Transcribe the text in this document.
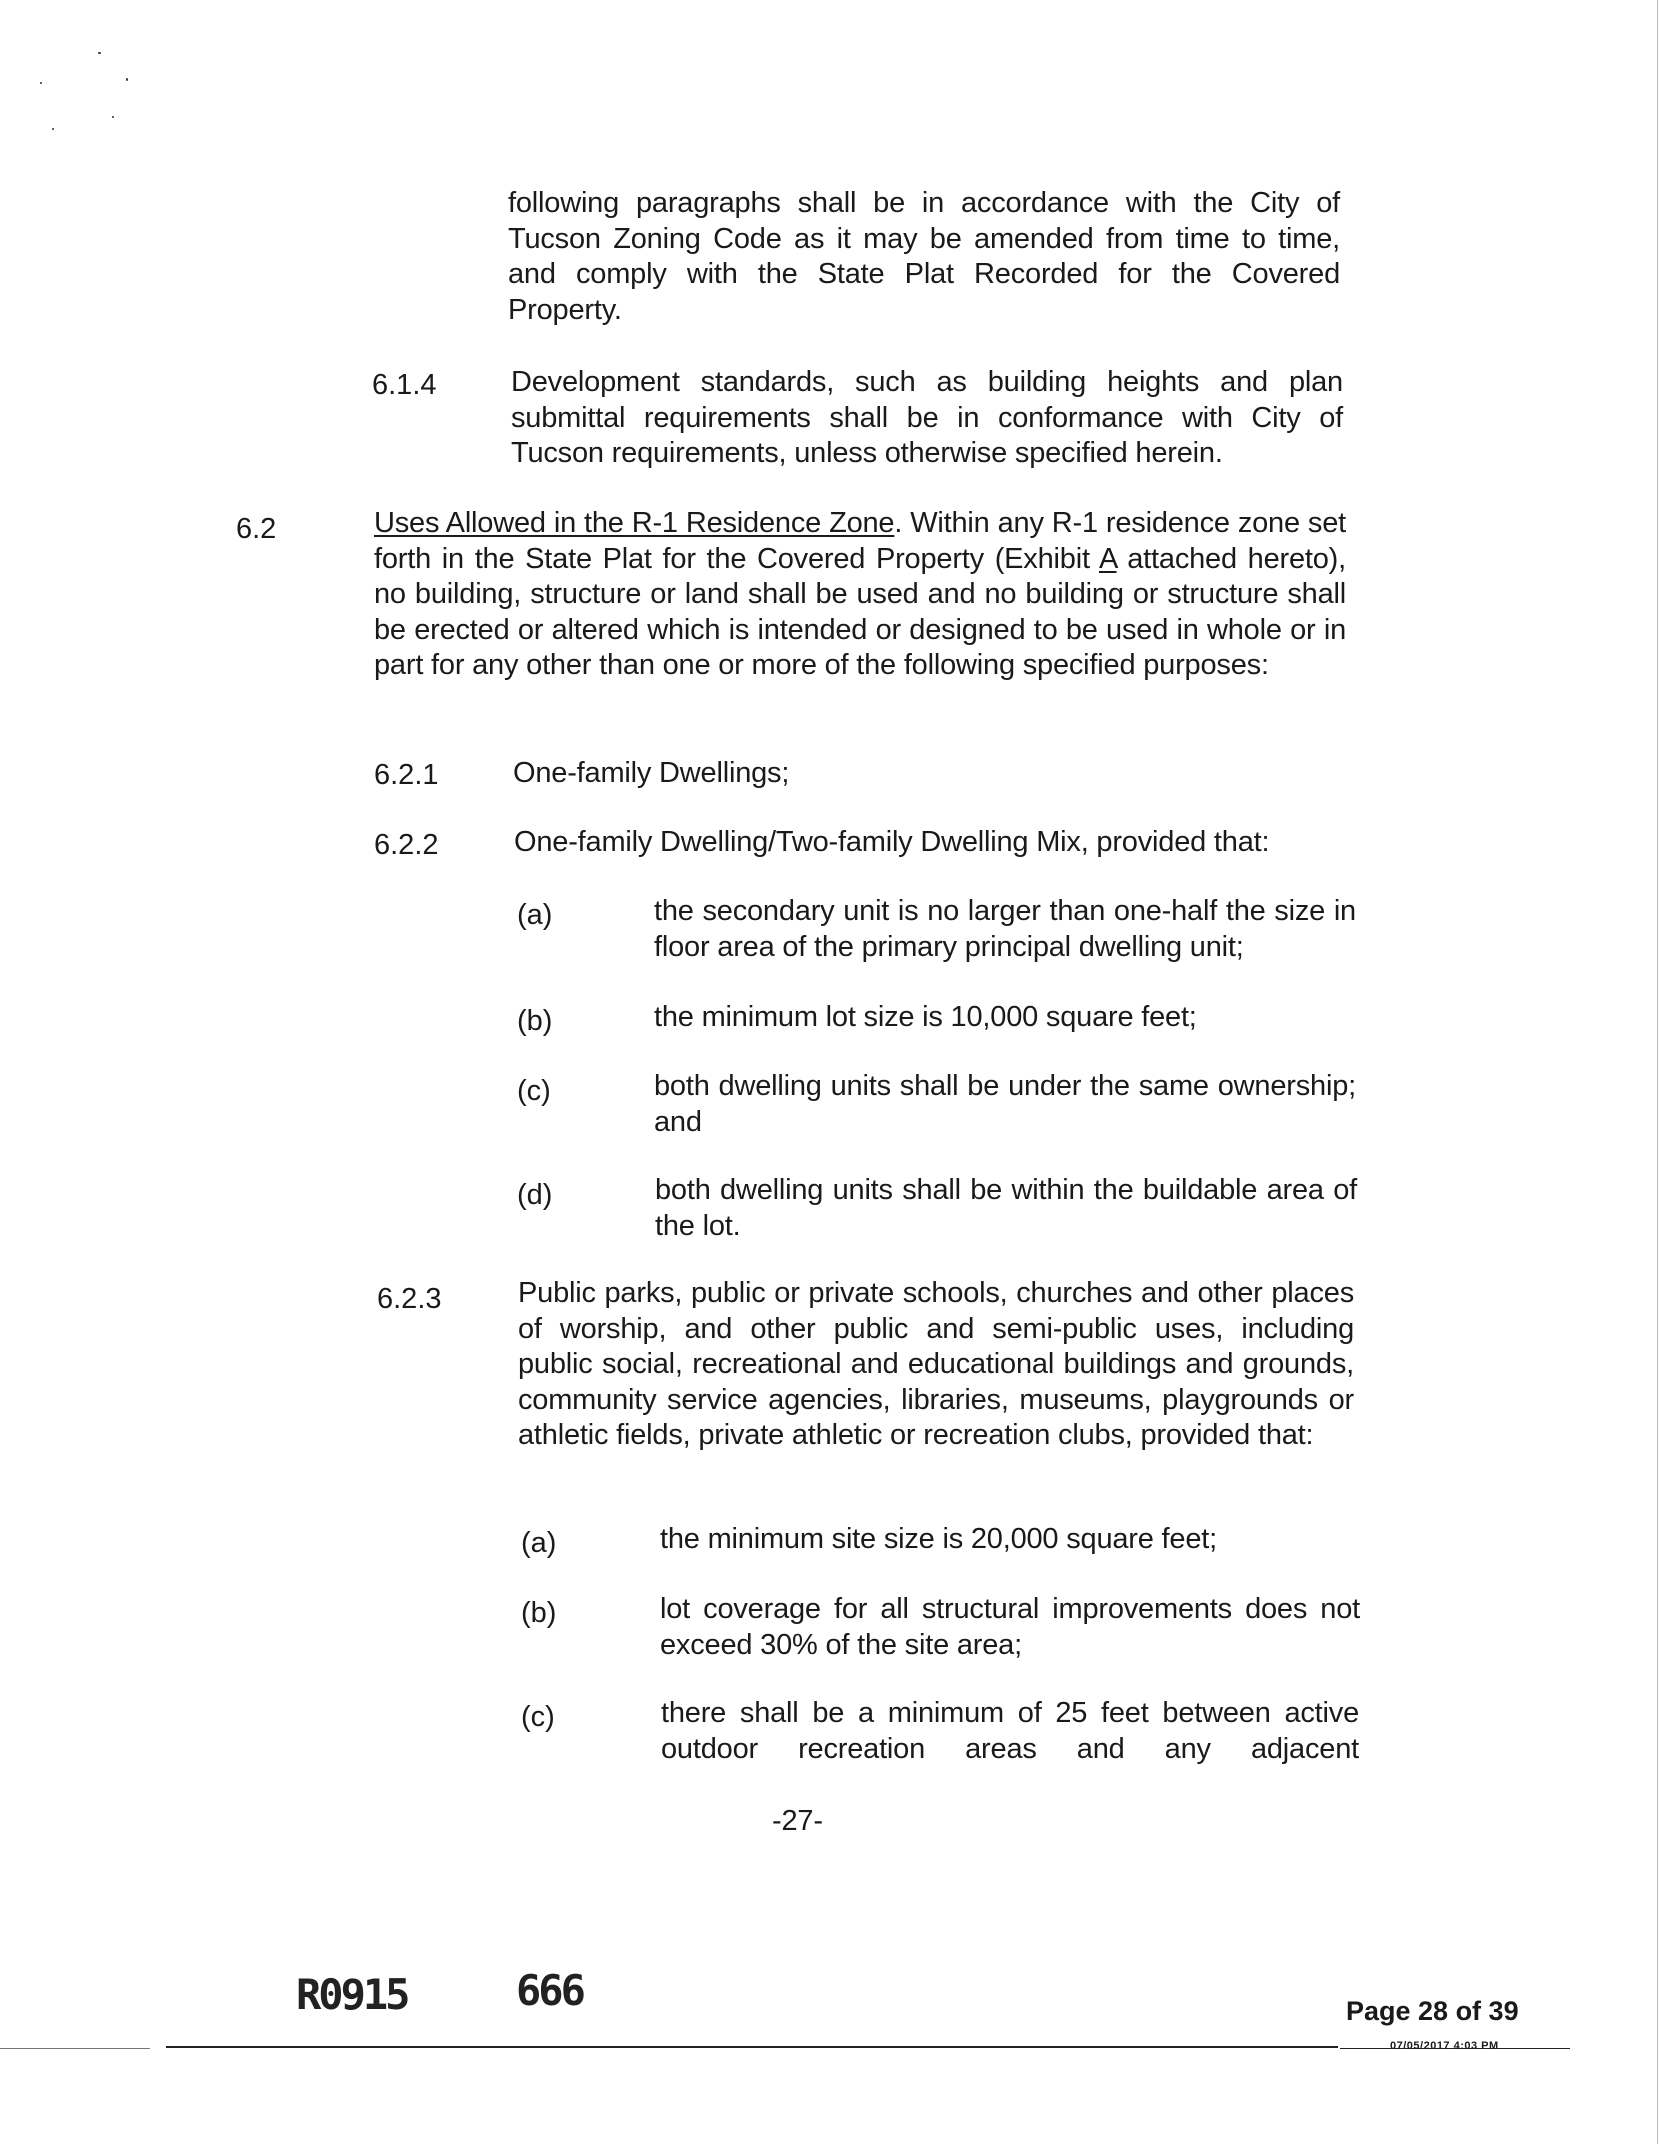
following paragraphs shall be in accordance with the City of Tucson Zoning Code as it may be amended from time to time, and comply with the State Plat Recorded for the Covered Property.
6.1.4	Development standards, such as building heights and plan submittal requirements shall be in conformance with City of Tucson requirements, unless otherwise specified herein.
6.2	Uses Allowed in the R-1 Residence Zone. Within any R-1 residence zone set forth in the State Plat for the Covered Property (Exhibit A attached hereto), no building, structure or land shall be used and no building or structure shall be erected or altered which is intended or designed to be used in whole or in part for any other than one or more of the following specified purposes:
6.2.1	One-family Dwellings;
6.2.2	One-family Dwelling/Two-family Dwelling Mix, provided that:
(a)	the secondary unit is no larger than one-half the size in floor area of the primary principal dwelling unit;
(b)	the minimum lot size is 10,000 square feet;
(c)	both dwelling units shall be under the same ownership; and
(d)	both dwelling units shall be within the buildable area of the lot.
6.2.3	Public parks, public or private schools, churches and other places of worship, and other public and semi-public uses, including public social, recreational and educational buildings and grounds, community service agencies, libraries, museums, playgrounds or athletic fields, private athletic or recreation clubs, provided that:
(a)	the minimum site size is 20,000 square feet;
(b)	lot coverage for all structural improvements does not exceed 30% of the site area;
(c)	there shall be a minimum of 25 feet between active outdoor recreation areas and any adjacent
-27-
R0915	666	Page 28 of 39
07/05/2017 4:03 PM
